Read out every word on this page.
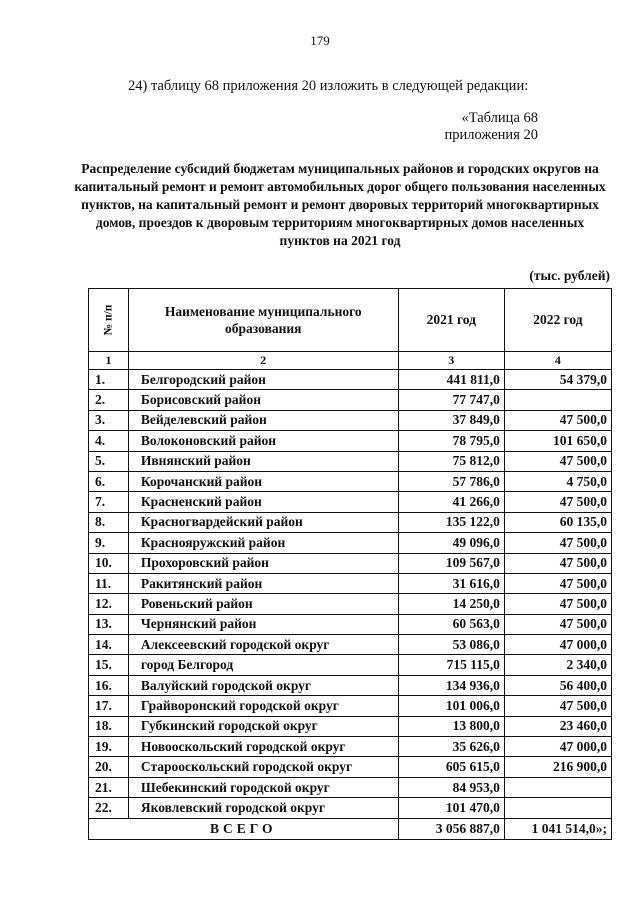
179
24) таблицу 68 приложения 20 изложить в следующей редакции:
«Таблица 68
приложения 20
Распределение субсидий бюджетам муниципальных районов и городских округов на капитальный ремонт и ремонт автомобильных дорог общего пользования населенных пунктов, на капитальный ремонт и ремонт дворовых территорий многоквартирных домов, проездов к дворовым территориям многоквартирных домов населенных пунктов на 2021 год
(тыс. рублей)
№ п/п	Наименование муниципального образования	2021 год	2022 год
1	2	3	4
1.	Белгородский район	441 811,0	54 379,0
2.	Борисовский район	77 747,0	
3.	Вейделевский район	37 849,0	47 500,0
4.	Волоконовский район	78 795,0	101 650,0
5.	Ивнянский район	75 812,0	47 500,0
6.	Корочанский район	57 786,0	4 750,0
7.	Красненский район	41 266,0	47 500,0
8.	Красногвардейский район	135 122,0	60 135,0
9.	Краснояружский район	49 096,0	47 500,0
10.	Прохоровский район	109 567,0	47 500,0
11.	Ракитянский район	31 616,0	47 500,0
12.	Ровеньский район	14 250,0	47 500,0
13.	Чернянский район	60 563,0	47 500,0
14.	Алексеевский городской округ	53 086,0	47 000,0
15.	город Белгород	715 115,0	2 340,0
16.	Валуйский городской округ	134 936,0	56 400,0
17.	Грайворонский городской округ	101 006,0	47 500,0
18.	Губкинский городской округ	13 800,0	23 460,0
19.	Новооскольский городской округ	35 626,0	47 000,0
20.	Старооскольский городской округ	605 615,0	216 900,0
21.	Шебекинский городской округ	84 953,0	
22.	Яковлевский городской округ	101 470,0	
ВСЕГО		3 056 887,0	1 041 514,0»;
